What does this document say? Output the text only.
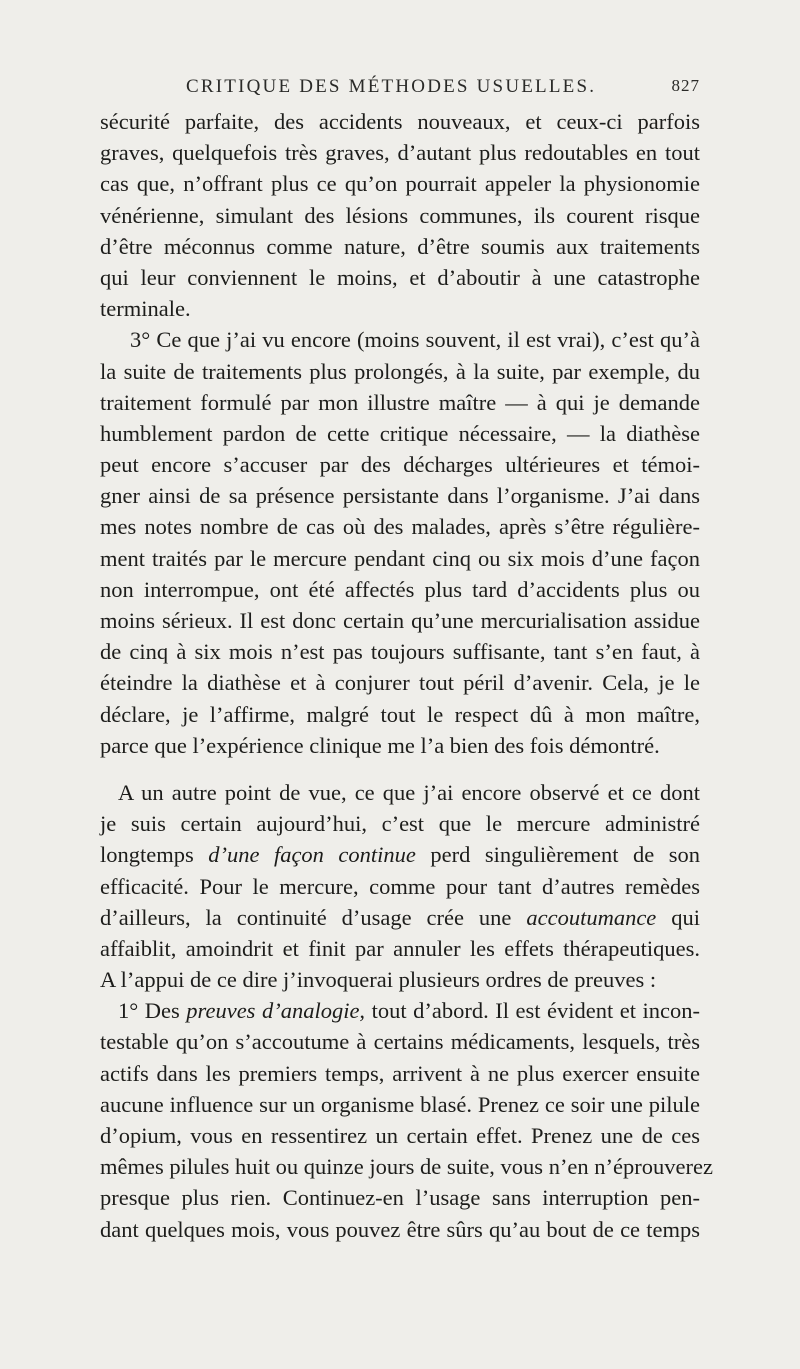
CRITIQUE DES MÉTHODES USUELLES.	827
sécurité parfaite, des accidents nouveaux, et ceux-ci parfois
graves, quelquefois très graves, d’autant plus redoutables en tout
cas que, n’offrant plus ce qu’on pourrait appeler la physionomie
vénérienne, simulant des lésions communes, ils courent risque
d’être méconnus comme nature, d’être soumis aux traitements
qui leur conviennent le moins, et d’aboutir à une catastrophe
terminale.
3° Ce que j’ai vu encore (moins souvent, il est vrai), c’est qu’à
la suite de traitements plus prolongés, à la suite, par exemple, du
traitement formulé par mon illustre maître — à qui je demande
humblement pardon de cette critique nécessaire, — la diathèse
peut encore s’accuser par des décharges ultérieures et témoi-
gner ainsi de sa présence persistante dans l’organisme. J’ai dans
mes notes nombre de cas où des malades, après s’être régulière-
ment traités par le mercure pendant cinq ou six mois d’une façon
non interrompue, ont été affectés plus tard d’accidents plus ou
moins sérieux. Il est donc certain qu’une mercurialisation assidue
de cinq à six mois n’est pas toujours suffisante, tant s’en faut, à
éteindre la diathèse et à conjurer tout péril d’avenir. Cela, je le
déclare, je l’affirme, malgré tout le respect dû à mon maître,
parce que l’expérience clinique me l’a bien des fois démontré.
A un autre point de vue, ce que j’ai encore observé et ce dont
je suis certain aujourd’hui, c’est que le mercure administré
longtemps d’une façon continue perd singulièrement de son
efficacité. Pour le mercure, comme pour tant d’autres remèdes
d’ailleurs, la continuité d’usage crée une accoutumance qui
affaiblit, amoindrit et finit par annuler les effets thérapeutiques.
A l’appui de ce dire j’invoquerai plusieurs ordres de preuves :
1° Des preuves d’analogie, tout d’abord. Il est évident et incon-
testable qu’on s’accoutume à certains médicaments, lesquels, très
actifs dans les premiers temps, arrivent à ne plus exercer ensuite
aucune influence sur un organisme blasé. Prenez ce soir une pilule
d’opium, vous en ressentirez un certain effet. Prenez une de ces
mêmes pilules huit ou quinze jours de suite, vous n’en n’éprouverez
presque plus rien. Continuez-en l’usage sans interruption pen-
dant quelques mois, vous pouvez être sûrs qu’au bout de ce temps
